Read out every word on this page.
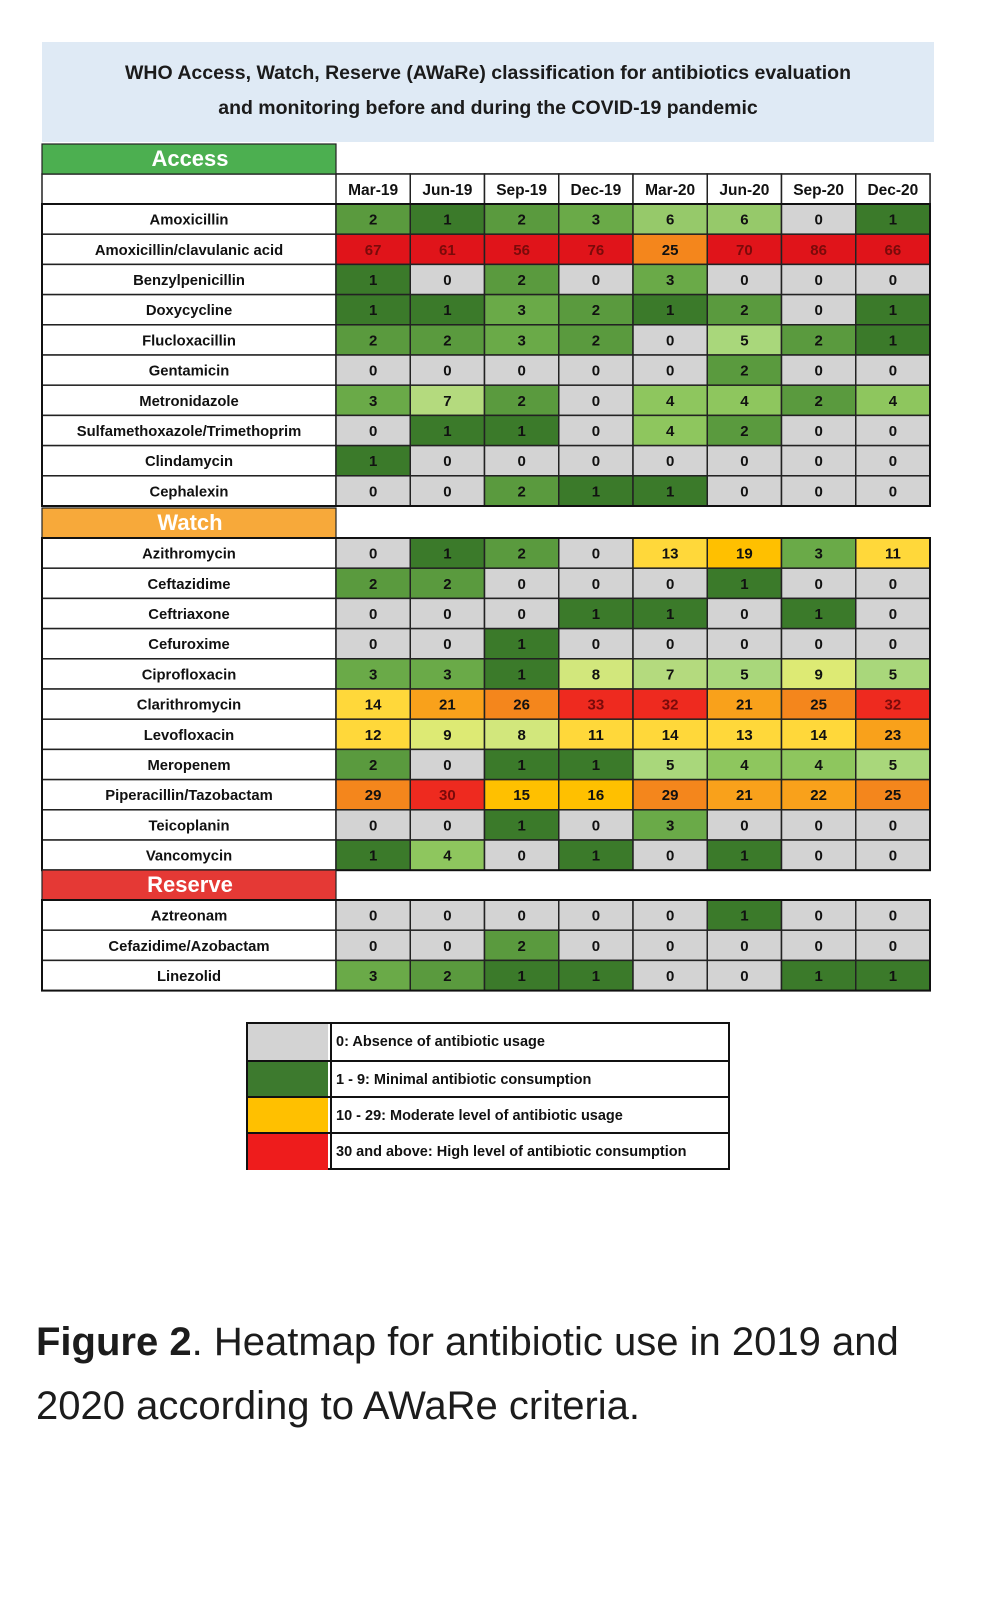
WHO Access, Watch, Reserve (AWaRe) classification for antibiotics evaluation

and monitoring before and during the COVID-19 pandemic

Mar-19 Jun-19 Sep-19 Dec-19 Mar-20 Jun-20 Sep-20 Dec-20
Access
Amoxicillin	2	1	2	3	6	6	0	1
Amoxicillin/clavulanic acid	67	61	56	76	25	70	86	66
Benzylpenicillin	1	0	2	0	3	0	0	0
Doxycycline	1	1	3	2	1	2	0	1
Flucloxacillin	2	2	3	2	0	5	2	1
Gentamicin	0	0	0	0	0	2	0	0
Metronidazole	3	7	2	0	4	4	2	4
Sulfamethoxazole/Trimethoprim	0	1	1	0	4	2	0	0
Clindamycin	1	0	0	0	0	0	0	0
Cephalexin	0	0	2	1	1	0	0	0
Watch
Azithromycin	0	1	2	0	13	19	3	11
Ceftazidime	2	2	0	0	0	1	0	0
Ceftriaxone	0	0	0	1	1	0	1	0
Cefuroxime	0	0	1	0	0	0	0	0
Ciprofloxacin	3	3	1	8	7	5	9	5
Clarithromycin	14	21	26	33	32	21	25	32
Levofloxacin	12	9	8	11	14	13	14	23
Meropenem	2	0	1	1	5	4	4	5
Piperacillin/Tazobactam	29	30	15	16	29	21	22	25
Teicoplanin	0	0	1	0	3	0	0	0
Vancomycin	1	4	0	1	0	1	0	0
Reserve
Aztreonam	0	0	0	0	0	1	0	0
Cefazidime/Azobactam	0	0	2	0	0	0	0	0
Linezolid	3	2	1	1	0	0	1	1
0: Absence of antibiotic usage
1 - 9: Minimal antibiotic consumption
10 - 29: Moderate level of antibiotic usage
30 and above: High level of antibiotic consumption
Figure 2. Heatmap for antibiotic use in 2019 and 2020 according to AWaRe criteria.
